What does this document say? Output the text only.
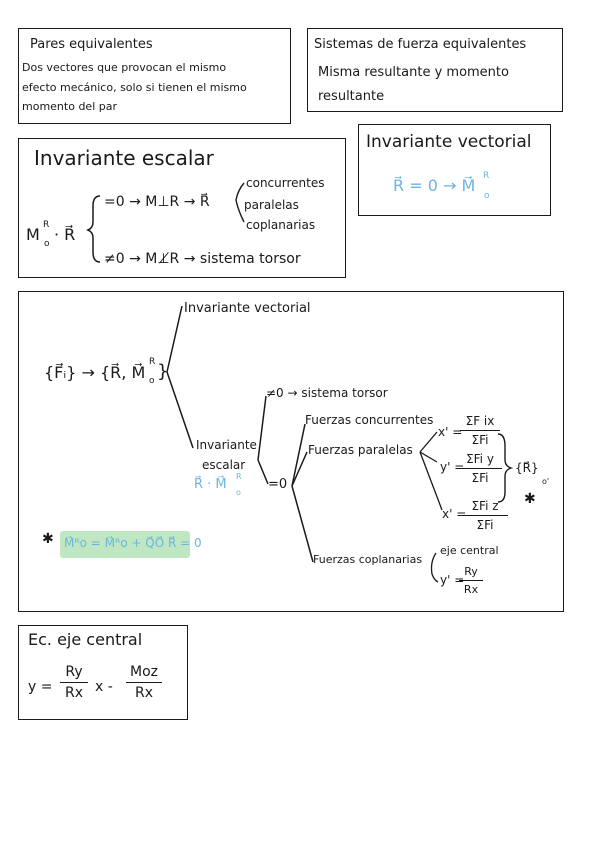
Pares equivalentes
Dos vectores que provocan el mismo
efecto mecánico, solo si tienen el mismo
momento del par
Sistemas de fuerza equivalentes
Misma resultante y momento
resultante
Invariante escalar
M R
o · R⃗
=0 → M⊥R → R⃗
concurrentes
paralelas
coplanarias
≠0 → M⊥̸R → sistema torsor
Invariante vectorial
R⃗ = 0 → M⃗ R
o
{F⃗ᵢ} → {R⃗, M⃗
R
o }
Invariante vectorial
Invariante
escalar
R⃗ · M⃗
R
o
≠0 → sistema torsor
=0
Fuerzas concurrentes
Fuerzas paralelas
Fuerzas coplanarias
x' =
ΣF ix
ΣFi
y' =
ΣFi y
ΣFi
x' =
ΣFi z
ΣFi
{R⃗}
o'
✱
eje central
y' =
Ry
Rx
✱ M⃗ᴿo = M⃗ᴿo + Q⃗O⃗ R⃗ = 0
Ec. eje central
y =
Ry
Rx x -
Moz
Rx
